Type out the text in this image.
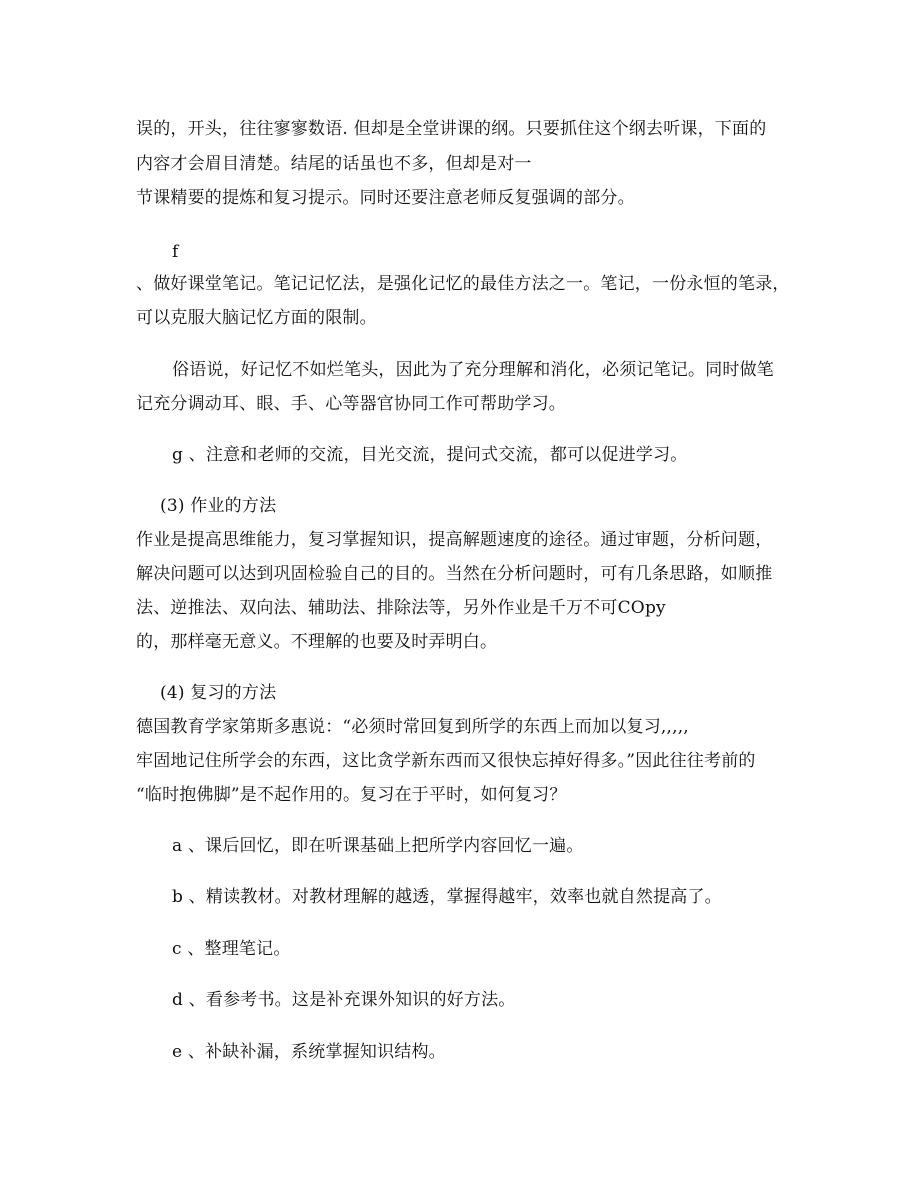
误的，开头，往往寥寥数语. 但却是全堂讲课的纲。只要抓住这个纲去听课，下面的
内容才会眉目清楚。结尾的话虽也不多，但却是对一
节课精要的提炼和复习提示。同时还要注意老师反复强调的部分。
f
、做好课堂笔记。笔记记忆法，是强化记忆的最佳方法之一。笔记，一份永恒的笔录，
可以克服大脑记忆方面的限制。
俗语说，好记忆不如烂笔头，因此为了充分理解和消化，必须记笔记。同时做笔
记充分调动耳、眼、手、心等器官协同工作可帮助学习。
g 、注意和老师的交流，目光交流，提问式交流，都可以促进学习。
(3) 作业的方法
作业是提高思维能力，复习掌握知识，提高解题速度的途径。通过审题，分析问题，
解决问题可以达到巩固检验自己的目的。当然在分析问题时，可有几条思路，如顺推
法、逆推法、双向法、辅助法、排除法等，另外作业是千万不可COpy
的，那样毫无意义。不理解的也要及时弄明白。
(4) 复习的方法
德国教育学家第斯多惠说：“必须时常回复到所学的东西上而加以复习,,,,,
牢固地记住所学会的东西，这比贪学新东西而又很快忘掉好得多。”因此往往考前的
“临时抱佛脚”是不起作用的。复习在于平时，如何复习？
a 、课后回忆，即在听课基础上把所学内容回忆一遍。
b 、精读教材。对教材理解的越透，掌握得越牢，效率也就自然提高了。
c 、整理笔记。
d 、看参考书。这是补充课外知识的好方法。
e 、补缺补漏，系统掌握知识结构。
